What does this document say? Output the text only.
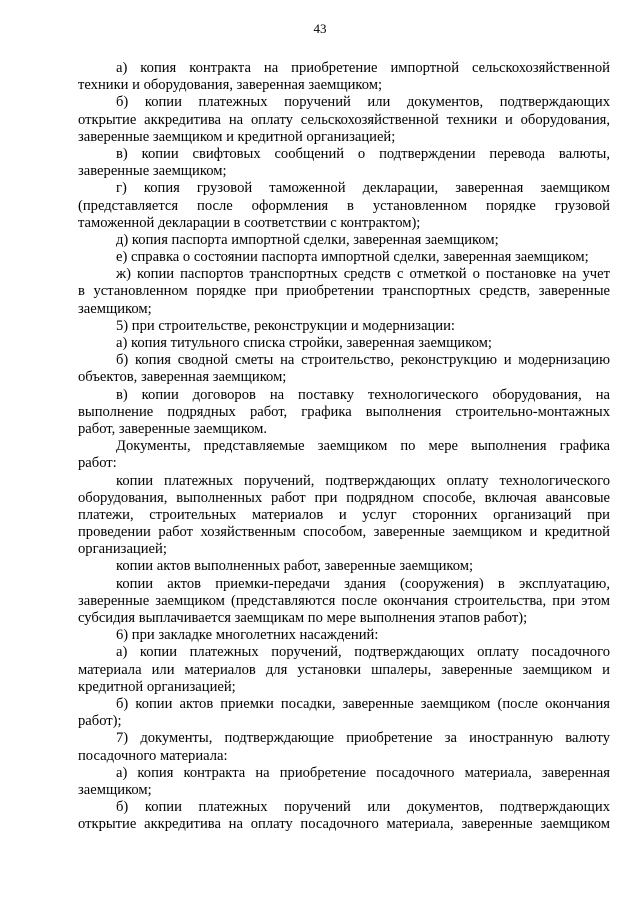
43
а) копия контракта на приобретение импортной сельскохозяйственной
техники и оборудования, заверенная заемщиком;
б) копии платежных поручений или документов, подтверждающих
открытие аккредитива на оплату сельскохозяйственной техники и оборудования,
заверенные заемщиком и кредитной организацией;
в) копии свифтовых сообщений о подтверждении перевода валюты,
заверенные заемщиком;
г) копия грузовой таможенной декларации, заверенная заемщиком
(представляется после оформления в установленном порядке грузовой
таможенной декларации в соответствии с контрактом);
д) копия паспорта импортной сделки, заверенная заемщиком;
е) справка о состоянии паспорта импортной сделки, заверенная заемщиком;
ж) копии паспортов транспортных средств с отметкой о постановке на учет
в установленном порядке при приобретении транспортных средств, заверенные
заемщиком;
5) при строительстве, реконструкции и модернизации:
а) копия титульного списка стройки, заверенная заемщиком;
б) копия сводной сметы на строительство, реконструкцию и модернизацию
объектов, заверенная заемщиком;
в) копии договоров на поставку технологического оборудования, на
выполнение подрядных работ, графика выполнения строительно-монтажных
работ, заверенные заемщиком.
Документы, представляемые заемщиком по мере выполнения графика
работ:
копии платежных поручений, подтверждающих оплату технологического
оборудования, выполненных работ при подрядном способе, включая авансовые
платежи, строительных материалов и услуг сторонних организаций при
проведении работ хозяйственным способом, заверенные заемщиком и кредитной
организацией;
копии актов выполненных работ, заверенные заемщиком;
копии актов приемки-передачи здания (сооружения) в эксплуатацию,
заверенные заемщиком (представляются после окончания строительства, при этом
субсидия выплачивается заемщикам по мере выполнения этапов работ);
6) при закладке многолетних насаждений:
а) копии платежных поручений, подтверждающих оплату посадочного
материала или материалов для установки шпалеры, заверенные заемщиком и
кредитной организацией;
б) копии актов приемки посадки, заверенные заемщиком (после окончания
работ);
7) документы, подтверждающие приобретение за иностранную валюту
посадочного материала:
а) копия контракта на приобретение посадочного материала, заверенная
заемщиком;
б) копии платежных поручений или документов, подтверждающих
открытие аккредитива на оплату посадочного материала, заверенные заемщиком
